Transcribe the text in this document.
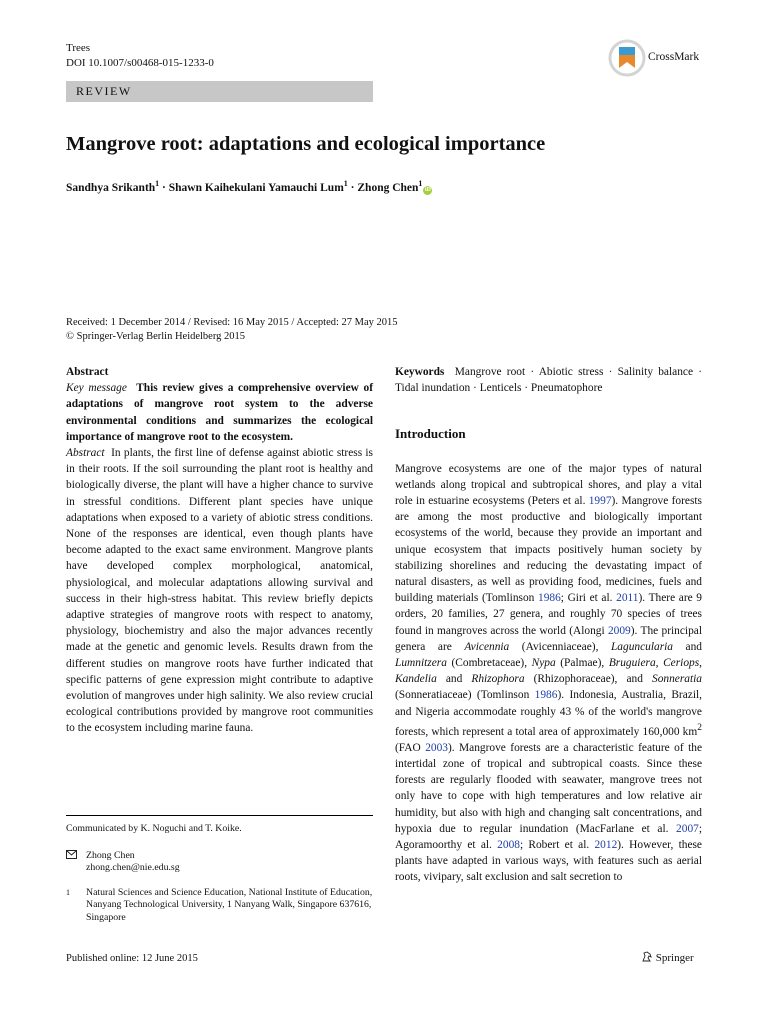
Trees
DOI 10.1007/s00468-015-1233-0	CrossMark
REVIEW
Mangrove root: adaptations and ecological importance
Sandhya Srikanth$^1$ · Shawn Kaihekulani Yamauchi Lum$^1$ · Zhong Chen$^1$iD
Received: 1 December 2014 / Revised: 16 May 2015 / Accepted: 27 May 2015
© Springer-Verlag Berlin Heidelberg 2015

Abstract

Key message This review gives a comprehensive overview of adaptations of mangrove root system to the adverse environmental conditions and summarizes the ecological importance of mangrove root to the ecosystem.

Abstract In plants, the first line of defense against abiotic stress is in their roots. If the soil surrounding the plant root is healthy and biologically diverse, the plant will have a higher chance to survive in stressful conditions. Different plant species have unique adaptations when exposed to a variety of abiotic stress conditions. None of the responses are identical, even though plants have become adapted to the exact same environment. Mangrove plants have developed complex morphological, anatomical, physiological, and molecular adaptations allowing survival and success in their high-stress habitat. This review briefly depicts adaptive strategies of mangrove roots with respect to anatomy, physiology, biochemistry and also the major advances recently made at the genetic and genomic levels. Results drawn from the different studies on mangrove roots have further indicated that specific patterns of gene expression might contribute to adaptive evolution of mangroves under high salinity. We also review crucial ecological contributions provided by mangrove root communities to the ecosystem including marine fauna.

Communicated by K. Noguchi and T. Koike.
Zhong Chen
zhong.chen@nie.edu.sg
1	Natural Sciences and Science Education, National Institute of Education, Nanyang Technological University, 1 Nanyang Walk, Singapore 637616, Singapore

Keywords Mangrove root · Abiotic stress · Salinity balance · Tidal inundation · Lenticels · Pneumatophore

Introduction

Mangrove ecosystems are one of the major types of natural wetlands along tropical and subtropical shores, and play a vital role in estuarine ecosystems (Peters et al. 1997). Mangrove forests are among the most productive and biologically important ecosystems of the world, because they provide an important and unique ecosystem that impacts positively human society by stabilizing shorelines and reducing the devastating impact of natural disasters, as well as providing food, medicines, fuels and building materials (Tomlinson 1986; Giri et al. 2011). There are 9 orders, 20 families, 27 genera, and roughly 70 species of trees found in mangroves across the world (Alongi 2009). The principal genera are Avicennia (Avicenniaceae), Laguncularia and Lumnitzera (Combretaceae), Nypa (Palmae), Bruguiera, Ceriops, Kandelia and Rhizophora (Rhizophoraceae), and Sonneratia (Sonneratiaceae) (Tomlinson 1986). Indonesia, Australia, Brazil, and Nigeria accommodate roughly 43 % of the world's mangrove forests, which represent a total area of approximately 160,000 $km^2$ (FAO 2003). Mangrove forests are a characteristic feature of the intertidal zone of tropical and subtropical coasts. Since these forests are regularly flooded with seawater, mangrove trees not only have to cope with high temperatures and low relative air humidity, but also with high and changing salt concentrations, and hypoxia due to regular inundation (MacFarlane et al. 2007; Agoramoorthy et al. 2008; Robert et al. 2012). However, these plants have adapted in various ways, with features such as aerial roots, vivipary, salt exclusion and salt secretion to

Published online: 12 June 2015	Springer
